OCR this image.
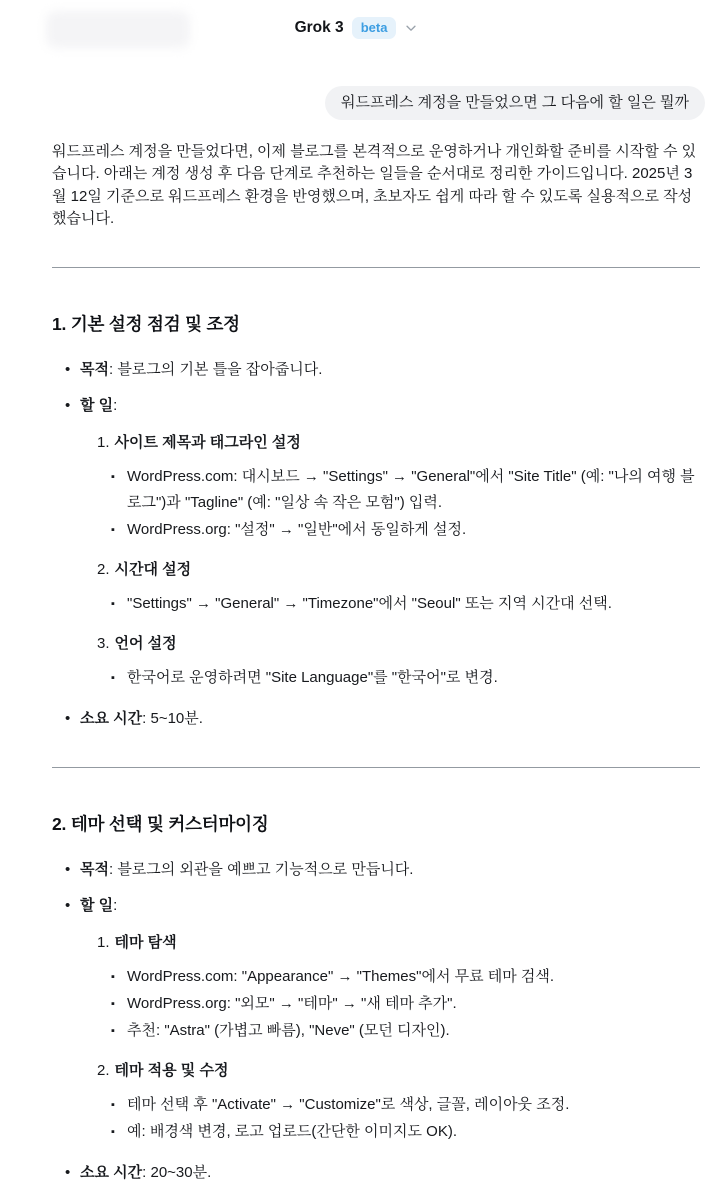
Grok 3	beta
워드프레스 계정을 만들었으면 그 다음에 할 일은 뭘까

워드프레스 계정을 만들었다면, 이제 블로그를 본격적으로 운영하거나 개인화할 준비를 시작할 수 있습니다. 아래는 계정 생성 후 다음 단계로 추천하는 일들을 순서대로 정리한 가이드입니다. 2025년 3월 12일 기준으로 워드프레스 환경을 반영했으며, 초보자도 쉽게 따라 할 수 있도록 실용적으로 작성했습니다.

1. 기본 설정 점검 및 조정
• 목적: 블로그의 기본 틀을 잡아줍니다.
• 할 일:
1. 사이트 제목과 태그라인 설정
▪ WordPress.com: 대시보드 → "Settings" → "General"에서 "Site Title" (예: "나의 여행 블로그")과 "Tagline" (예: "일상 속 작은 모험") 입력.
▪ WordPress.org: "설정" → "일반"에서 동일하게 설정.
2. 시간대 설정
▪ "Settings" → "General" → "Timezone"에서 "Seoul" 또는 지역 시간대 선택.
3. 언어 설정
▪ 한국어로 운영하려면 "Site Language"를 "한국어"로 변경.
• 소요 시간: 5~10분.
2. 테마 선택 및 커스터마이징
• 목적: 블로그의 외관을 예쁘고 기능적으로 만듭니다.
• 할 일:
1. 테마 탐색
▪ WordPress.com: "Appearance" → "Themes"에서 무료 테마 검색.
▪ WordPress.org: "외모" → "테마" → "새 테마 추가".
▪ 추천: "Astra" (가볍고 빠름), "Neve" (모던 디자인).
2. 테마 적용 및 수정
▪ 테마 선택 후 "Activate" → "Customize"로 색상, 글꼴, 레이아웃 조정.
▪ 예: 배경색 변경, 로고 업로드(간단한 이미지도 OK).
• 소요 시간: 20~30분.
